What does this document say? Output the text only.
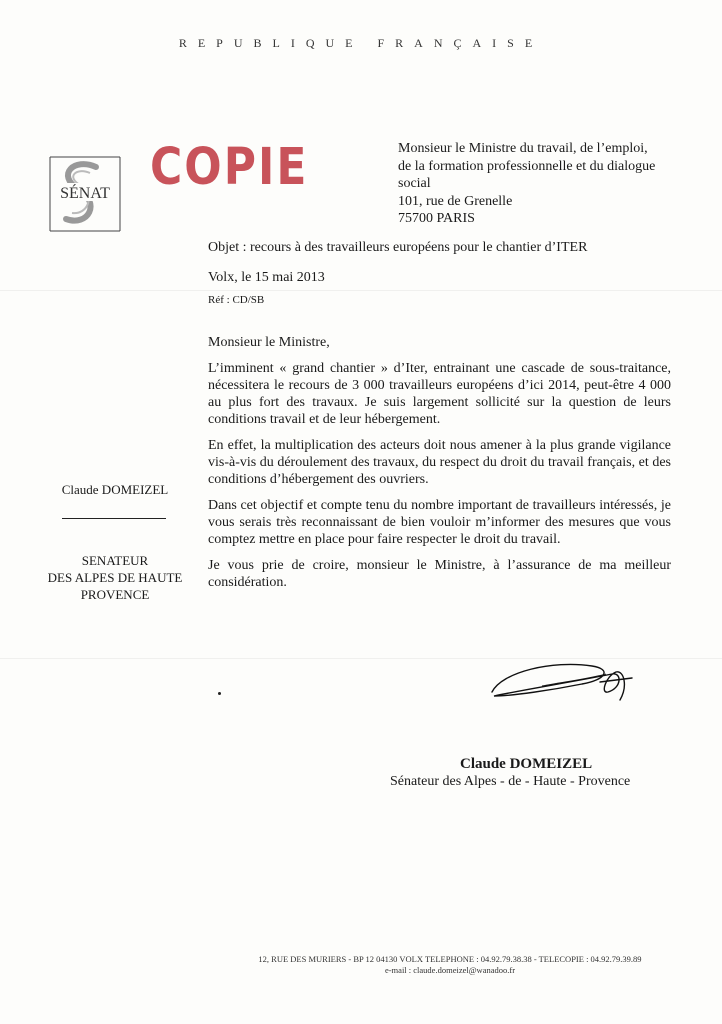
REPUBLIQUE FRANÇAISE
SÉNAT COPIE	Monsieur le Ministre du travail, de l’emploi,
de la formation professionnelle et du dialogue
social
101, rue de Grenelle
75700 PARIS
Objet : recours à des travailleurs européens pour le chantier d’ITER
Volx, le 15 mai 2013
Réf : CD/SB
Monsieur le Ministre,

L’imminent « grand chantier » d’Iter, entrainant une cascade de sous-traitance, nécessitera le recours de 3 000 travailleurs européens d’ici 2014, peut-être 4 000 au plus fort des travaux. Je suis largement sollicité sur la question de leurs conditions travail et de leur hébergement.

En effet, la multiplication des acteurs doit nous amener à la plus grande vigilance vis-à-vis du déroulement des travaux, du respect du droit du travail français, et des conditions d’hébergement des ouvriers.

Dans cet objectif et compte tenu du nombre important de travailleurs intéressés, je vous serais très reconnaissant de bien vouloir m’informer des mesures que vous comptez mettre en place pour faire respecter le droit du travail.

Je vous prie de croire, monsieur le Ministre, à l’assurance de ma meilleur considération.

Claude DOMEIZEL
SENATEUR
DES ALPES DE HAUTE
PROVENCE
Claude DOMEIZEL
Sénateur des Alpes - de - Haute - Provence
12, RUE DES MURIERS - BP 12 04130 VOLX TELEPHONE : 04.92.79.38.38 - TELECOPIE : 04.92.79.39.89
e-mail : claude.domeizel@wanadoo.fr
